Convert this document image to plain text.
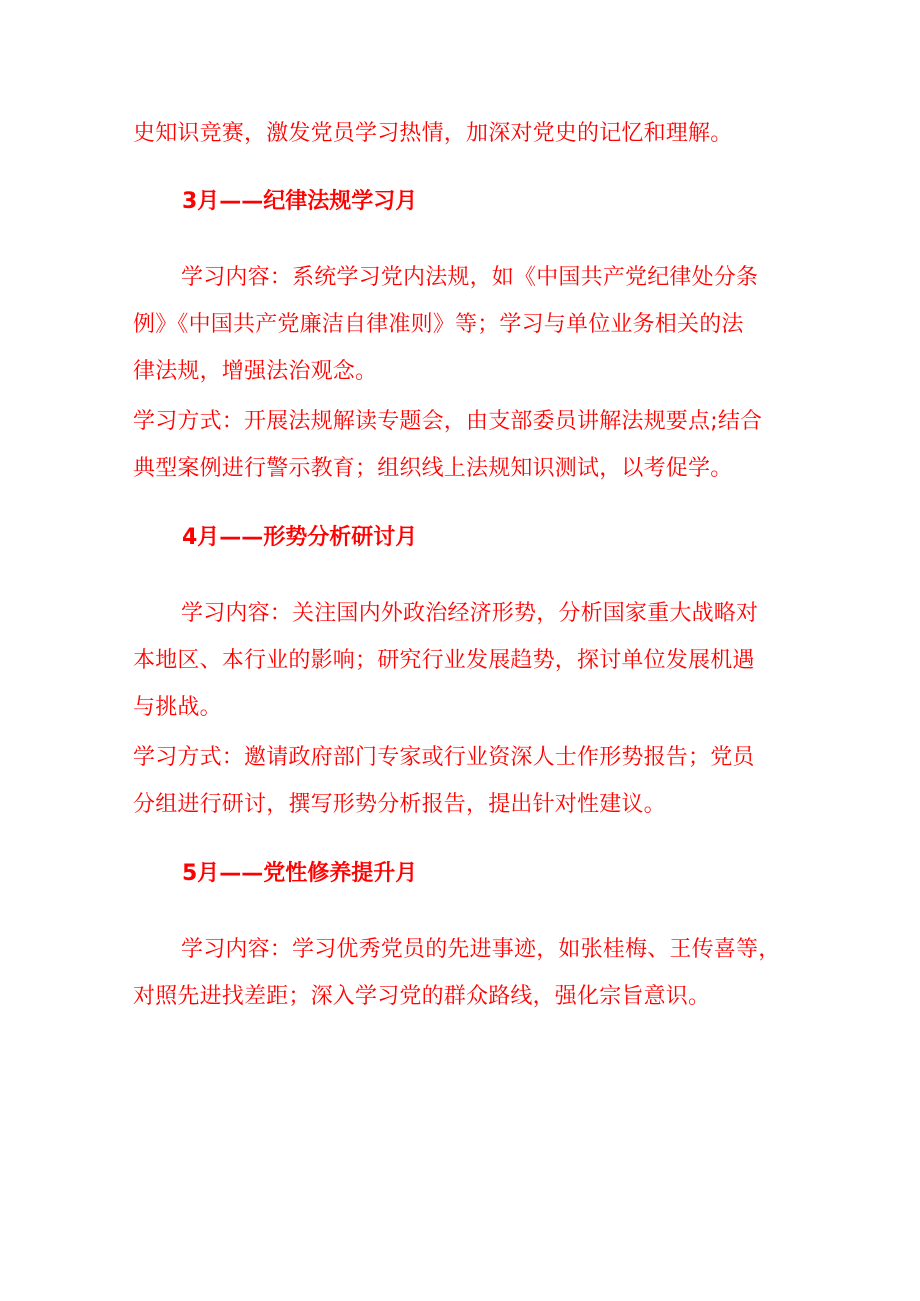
史知识竞赛，激发党员学习热情，加深对党史的记忆和理解。

3月——纪律法规学习月

学习内容：系统学习党内法规，如《中国共产党纪律处分条
例》《中国共产党廉洁自律准则》等；学习与单位业务相关的法
律法规，增强法治观念。

学习方式：开展法规解读专题会，由支部委员讲解法规要点;结合
典型案例进行警示教育；组织线上法规知识测试，以考促学。

4月——形势分析研讨月

学习内容：关注国内外政治经济形势，分析国家重大战略对
本地区、本行业的影响；研究行业发展趋势，探讨单位发展机遇
与挑战。

学习方式：邀请政府部门专家或行业资深人士作形势报告；党员
分组进行研讨，撰写形势分析报告，提出针对性建议。

5月——党性修养提升月

学习内容：学习优秀党员的先进事迹，如张桂梅、王传喜等，
对照先进找差距；深入学习党的群众路线，强化宗旨意识。
